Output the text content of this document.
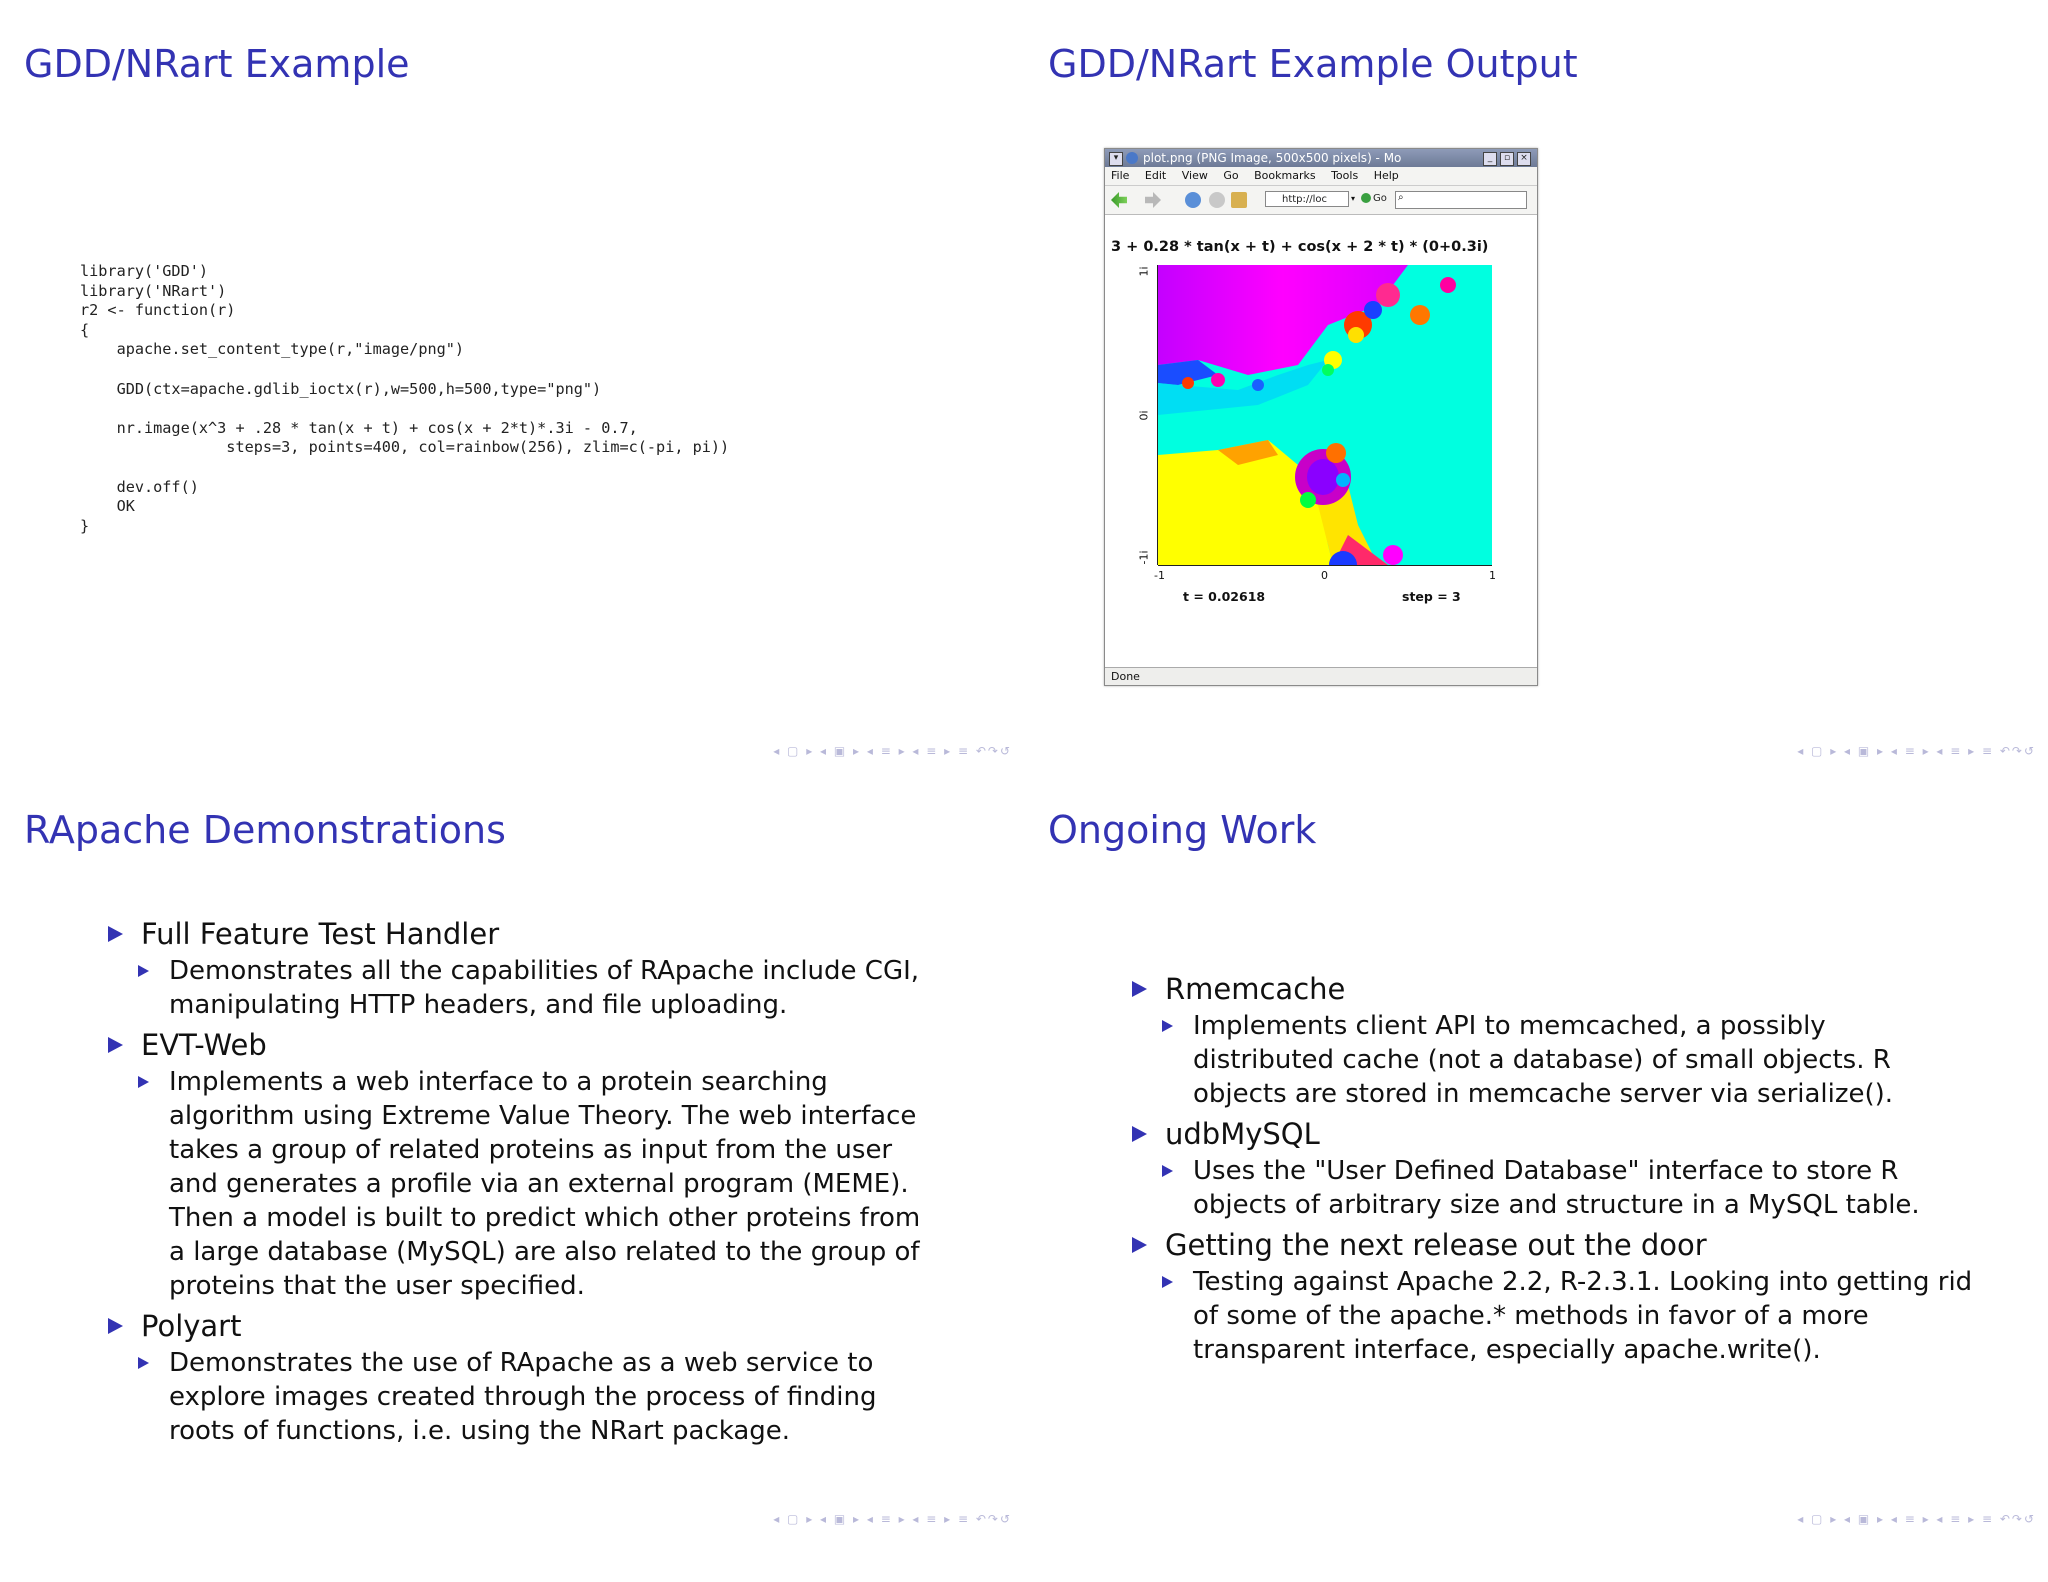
GDD/NRart Example
library('GDD')
library('NRart')
r2 <- function(r)
{
apache.set_content_type(r,"image/png")

GDD(ctx=apache.gdlib_ioctx(r),w=500,h=500,type="png")

nr.image(x^3 + .28 * tan(x + t) + cos(x + 2*t)*.3i - 0.7,
steps=3, points=400, col=rainbow(256), zlim=c(-pi, pi))

dev.off()
OK
}
◂ ▢ ▸ ◂ ▣ ▸ ◂ ≡ ▸ ◂ ≡ ▸ ≡ ↶↷↺
GDD/NRart Example Output
▾	plot.png (PNG Image, 500x500 pixels) - Mo	_	▫	×
File Edit View Go Bookmarks Tools Help
http://loc	▾	Go ⌕
3 + 0.28 * tan(x + t) + cos(x + 2 * t) * (0+0.3i)
1i
0i
-1i
-1	0	1
t = 0.02618	step = 3
Done
◂ ▢ ▸ ◂ ▣ ▸ ◂ ≡ ▸ ◂ ≡ ▸ ≡ ↶↷↺
RApache Demonstrations
Full Feature Test Handler
Demonstrates all the capabilities of RApache include CGI, manipulating HTTP headers, and file uploading.
EVT-Web
Implements a web interface to a protein searching algorithm using Extreme Value Theory. The web interface takes a group of related proteins as input from the user and generates a profile via an external program (MEME). Then a model is built to predict which other proteins from a large database (MySQL) are also related to the group of proteins that the user specified.
Polyart
Demonstrates the use of RApache as a web service to explore images created through the process of finding roots of functions, i.e. using the NRart package.
◂ ▢ ▸ ◂ ▣ ▸ ◂ ≡ ▸ ◂ ≡ ▸ ≡ ↶↷↺
Ongoing Work
Rmemcache
Implements client API to memcached, a possibly distributed cache (not a database) of small objects. R objects are stored in memcache server via serialize().
udbMySQL
Uses the "User Defined Database" interface to store R objects of arbitrary size and structure in a MySQL table.
Getting the next release out the door
Testing against Apache 2.2, R-2.3.1. Looking into getting rid of some of the apache.* methods in favor of a more transparent interface, especially apache.write().
◂ ▢ ▸ ◂ ▣ ▸ ◂ ≡ ▸ ◂ ≡ ▸ ≡ ↶↷↺
